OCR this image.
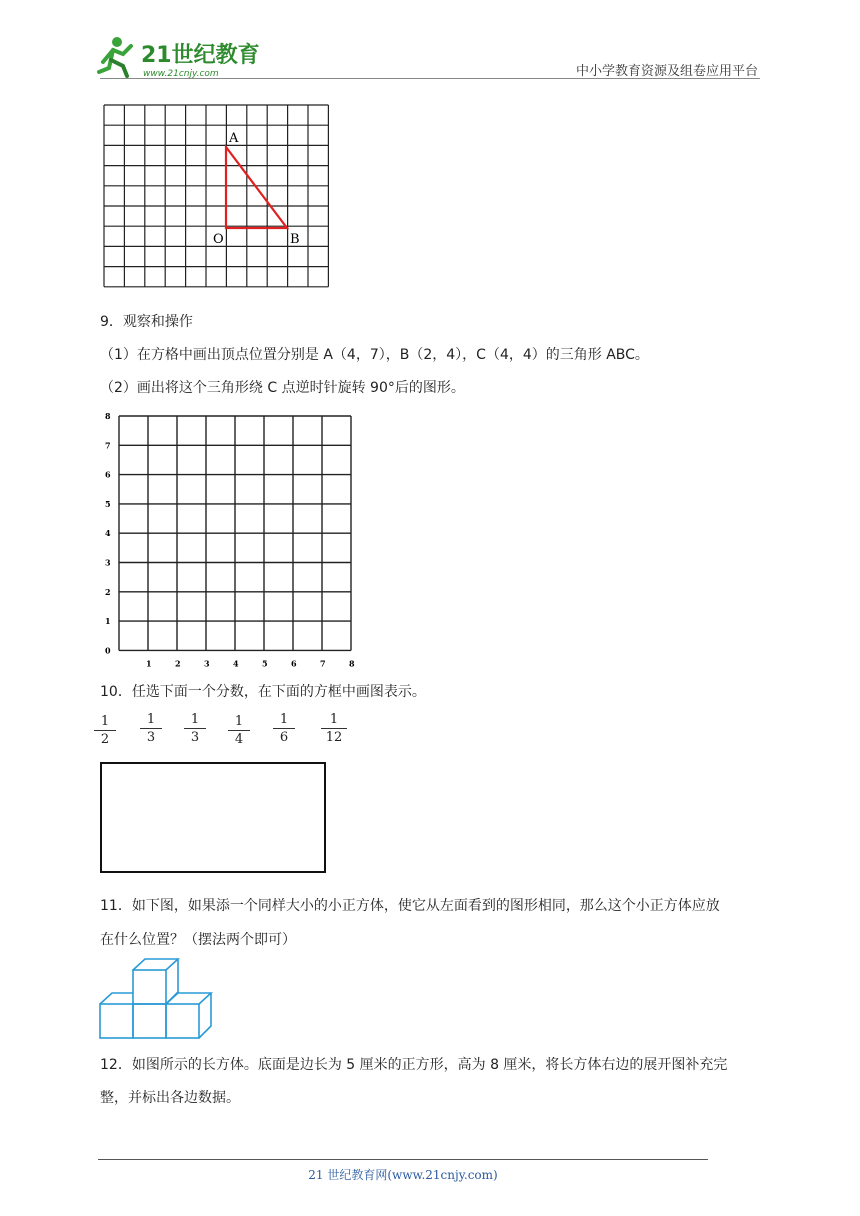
21世纪教育
www.21cnjy.com	中小学教育资源及组卷应用平台
A
O	B
9．观察和操作
（1）在方格中画出顶点位置分别是 A（4，7），B（2，4），C（4，4）的三角形 ABC。
（2）画出将这个三角形绕 C 点逆时针旋转 90°后的图形。
8
7
6
5
4
3
2
1
0
1	2	3	4	5	6	7	8
10．任选下面一个分数，在下面的方框中画图表示。
$\frac{1}{2} \frac{1}{3} \frac{1}{3} \frac{1}{4} \frac{1}{6} \frac{1}{12}$
11．如下图，如果添一个同样大小的小正方体，使它从左面看到的图形相同，那么这个小正方体应放
在什么位置？（摆法两个即可）
12．如图所示的长方体。底面是边长为 5 厘米的正方形，高为 8 厘米，将长方体右边的展开图补充完
整，并标出各边数据。
21 世纪教育网(www.21cnjy.com)
